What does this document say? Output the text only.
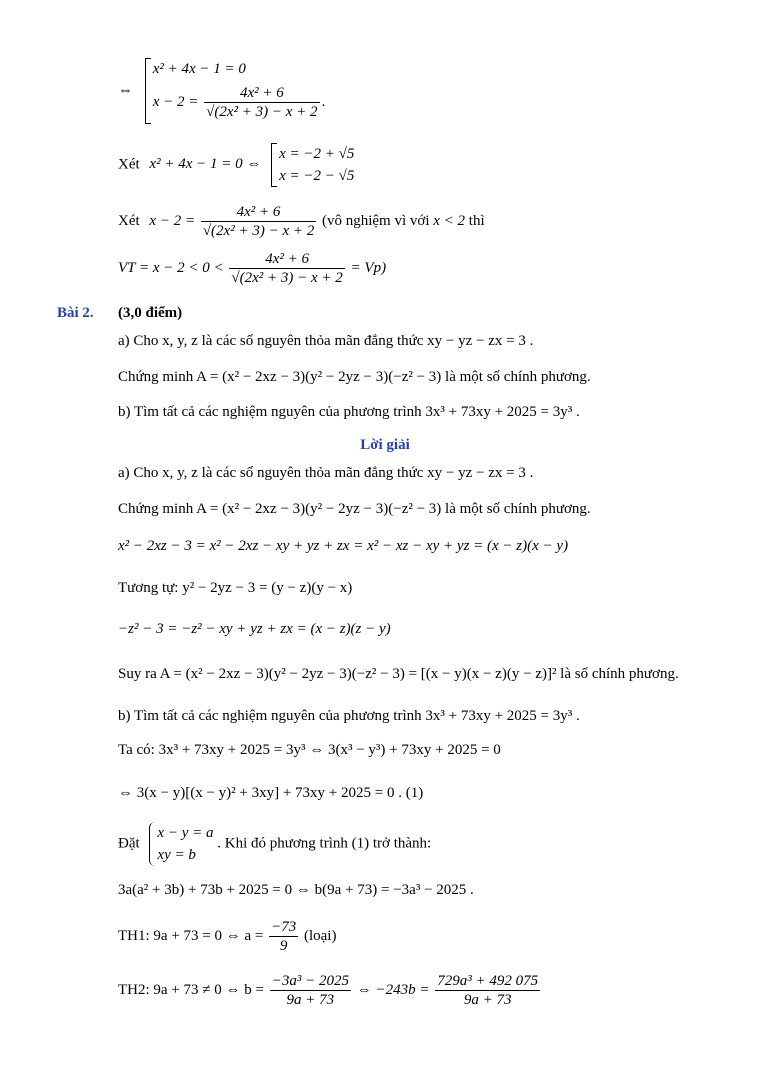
⇔
x² + 4x − 1 = 0
$x - 2 = \frac{\text{4x² + 6}}{\text{√(2x² + 3) − x + 2}}$ .
Xét x² + 4x − 1 = 0 ⇔
x = −2 + √5
x = −2 − √5
Xét $x - 2 = \frac{\text{4x² + 6}}{\text{√(2x² + 3) − x + 2}}$ (vô nghiệm vì với x < 2 thì
VT = $x - 2 < 0 < \frac{\text{4x² + 6}}{\text{√(2x² + 3) − x + 2}} = Vp$)
Bài 2. (3,0 điểm)
a) Cho x, y, z là các số nguyên thỏa mãn đẳng thức xy − yz − zx = 3 .
Chứng minh A = (x² − 2xz − 3)(y² − 2yz − 3)(−z² − 3) là một số chính phương.
b) Tìm tất cả các nghiệm nguyên của phương trình 3x³ + 73xy + 2025 = 3y³ .
Lời giải
a) Cho x, y, z là các số nguyên thỏa mãn đẳng thức xy − yz − zx = 3 .
Chứng minh A = (x² − 2xz − 3)(y² − 2yz − 3)(−z² − 3) là một số chính phương.
x² − 2xz − 3 = x² − 2xz − xy + yz + zx = x² − xz − xy + yz = (x − z)(x − y)
Tương tự: y² − 2yz − 3 = (y − z)(y − x)
−z² − 3 = −z² − xy + yz + zx = (x − z)(z − y)
Suy ra A = (x² − 2xz − 3)(y² − 2yz − 3)(−z² − 3) = [(x − y)(x − z)(y − z)]² là số chính phương.
b) Tìm tất cả các nghiệm nguyên của phương trình 3x³ + 73xy + 2025 = 3y³ .
Ta có: 3x³ + 73xy + 2025 = 3y³ ⇔ 3(x³ − y³) + 73xy + 2025 = 0
⇔ 3(x − y)[(x − y)² + 3xy] + 73xy + 2025 = 0 . (1)
Đặt
x − y = a
xy = b
. Khi đó phương trình (1) trở thành:
3a(a² + 3b) + 73b + 2025 = 0 ⇔ b(9a + 73) = −3a³ − 2025 .
TH1: 9a + 73 = 0 ⇔ $a = \frac{-73}{9}$ (loại)
TH2: 9a + 73 ≠ 0 ⇔ $b = \frac{\text{−3a³ − 2025}}{9a + 73}$ ⇔ $-243b = \frac{\text{729a³ + 492 075}}{9a + 73}$
